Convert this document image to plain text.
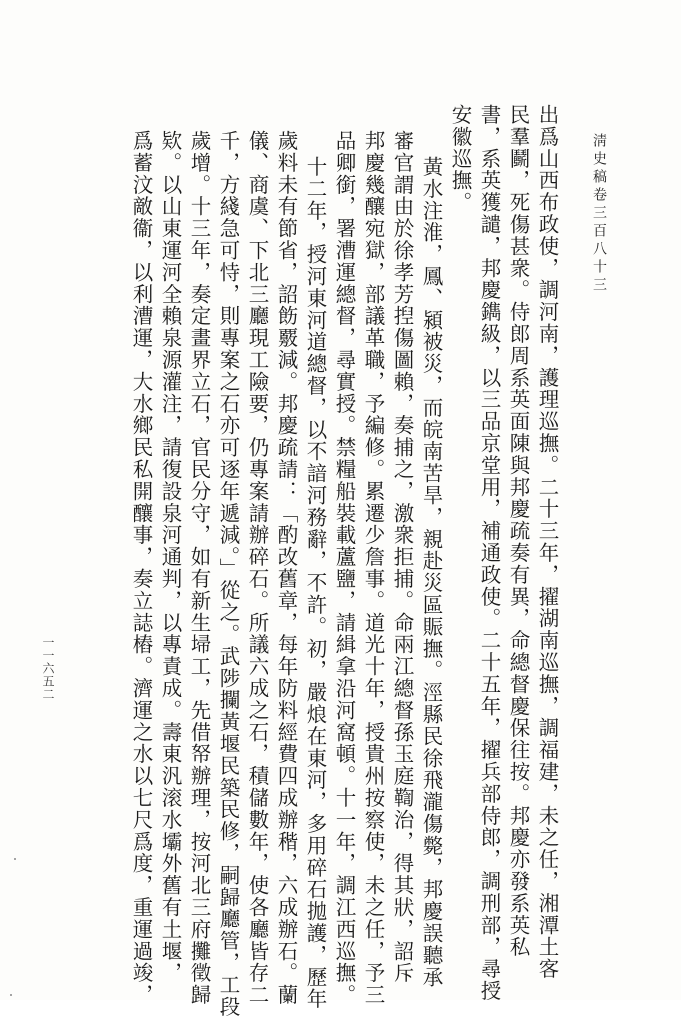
淸史稿卷三百八十三
出爲山西布政使，調河南，護理巡撫。二十三年，擢湖南巡撫，調福建，未之任，湘潭土客
民羣鬬，死傷甚衆。侍郎周系英面陳與邦慶疏奏有異，命總督慶保往按。邦慶亦發系英私
書，系英獲譴，邦慶鐫級，以三品京堂用，補通政使。二十五年，擢兵部侍郎，調刑部，尋授
安徽巡撫。
黃水注淮，鳳、潁被災，而皖南苦旱，親赴災區賑撫。涇縣民徐飛瀧傷斃，邦慶誤聽承
審官謂由於徐孝芳揑傷圖賴，奏捕之，激衆拒捕。命兩江總督孫玉庭鞫治，得其狀，詔斥
邦慶幾釀宛獄，部議革職，予編修。累遷少詹事。道光十年，授貴州按察使，未之任，予三
品卿銜，署漕運總督，尋實授。禁糧船裝載蘆鹽，請緝拿沿河窩頓。十一年，調江西巡撫。
十二年，授河東河道總督，以不諳河務辭，不許。初，嚴烺在東河，多用碎石拋護，歷年
歲料未有節省，詔飭覈減。邦慶疏請：「酌改舊章，每年防料經費四成辦稭，六成辦石。蘭
儀、商虞、下北三廳現工險要，仍專案請辦碎石。所議六成之石，積儲數年，使各廳皆存二
千，方綫急可恃，則專案之石亦可逐年遞減。」從之。武陟攔黃堰民築民修，嗣歸廳管，工段
歲增。十三年，奏定畫界立石，官民分守，如有新生埽工，先借帑辦理，按河北三府攤徵歸
欵。以山東運河全賴泉源灌注，請復設泉河通判，以專責成。壽東汎滚水壩外舊有土堰，
爲蓄汶敵衞，以利漕運，大水鄉民私開釀事，奏立誌樁。濟運之水以七尺爲度，重運過竣，
一一六五二
